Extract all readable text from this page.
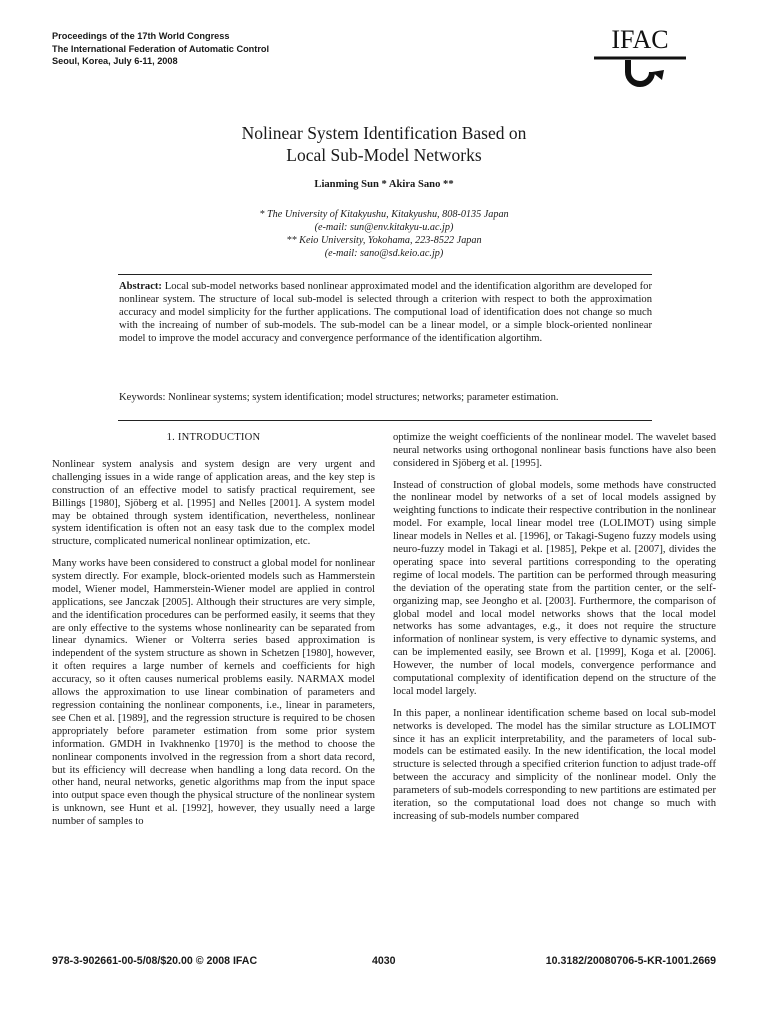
Proceedings of the 17th World Congress
The International Federation of Automatic Control
Seoul, Korea, July 6-11, 2008
IFAC
Nolinear System Identification Based on
Local Sub-Model Networks
Lianming Sun * Akira Sano **
* The University of Kitakyushu, Kitakyushu, 808-0135 Japan
(e-mail: sun@env.kitakyu-u.ac.jp)
** Keio University, Yokohama, 223-8522 Japan
(e-mail: sano@sd.keio.ac.jp)
Abstract: Local sub-model networks based nonlinear approximated model and the identification algorithm are developed for nonlinear system. The structure of local sub-model is selected through a criterion with respect to both the approximation accuracy and model simplicity for the further applications. The computional load of identification does not change so much with the increaing of number of sub-models. The sub-model can be a linear model, or a simple block-oriented nonlinear model to improve the model accuracy and convergence performance of the identification algortihm.
Keywords: Nonlinear systems; system identification; model structures; networks; parameter estimation.
1. INTRODUCTION

Nonlinear system analysis and system design are very urgent and challenging issues in a wide range of application areas, and the key step is construction of an effective model to satisfy practical requirement, see Billings [1980], Sjöberg et al. [1995] and Nelles [2001]. A system model may be obtained through system identification, nevertheless, nonlinear system identification is often not an easy task due to the complex model structure, complicated numerical nonlinear optimization, etc.

Many works have been considered to construct a global model for nonlinear system directly. For example, block-oriented models such as Hammerstein model, Wiener model, Hammerstein-Wiener model are applied in control applications, see Janczak [2005]. Although their structures are very simple, and the identification procedures can be performed easily, it seems that they are only effective to the systems whose nonlinearity can be separated from linear dynamics. Wiener or Volterra series based approximation is independent of the system structure as shown in Schetzen [1980], however, it often requires a large number of kernels and coefficients for high accuracy, so it often causes numerical problems easily. NARMAX model allows the approximation to use linear combination of parameters and regression containing the nonlinear components, i.e., linear in parameters, see Chen et al. [1989], and the regression structure is required to be chosen appropriately before parameter estimation from some prior system information. GMDH in Ivakhnenko [1970] is the method to choose the nonlinear components involved in the regression from a short data record, but its efficiency will decrease when handling a long data record. On the other hand, neural networks, genetic algorithms map from the input space into output space even though the physical structure of the nonlinear system is unknown, see Hunt et al. [1992], however, they usually need a large number of samples to

optimize the weight coefficients of the nonlinear model. The wavelet based neural networks using orthogonal nonlinear basis functions have also been considered in Sjöberg et al. [1995].

Instead of construction of global models, some methods have constructed the nonlinear model by networks of a set of local models assigned by weighting functions to indicate their respective contribution in the nonlinear model. For example, local linear model tree (LOLIMOT) using simple linear models in Nelles et al. [1996], or Takagi-Sugeno fuzzy models using neuro-fuzzy model in Takagi et al. [1985], Pekpe et al. [2007], divides the operating space into several partitions corresponding to the operating regime of local models. The partition can be performed through measuring the deviation of the operating state from the partition center, or the self-organizing map, see Jeongho et al. [2003]. Furthermore, the comparison of global model and local model networks shows that the local model networks has some advantages, e.g., it does not require the structure information of nonlinear system, is very effective to dynamic systems, and can be implemented easily, see Brown et al. [1999], Koga et al. [2006]. However, the number of local models, convergence performance and computational complexity of identification depend on the structure of the local model largely.

In this paper, a nonlinear identification scheme based on local sub-model networks is developed. The model has the similar structure as LOLIMOT since it has an explicit interpretability, and the parameters of local sub-models can be estimated easily. In the new identification, the local model structure is selected through a specified criterion function to adjust trade-off between the accuracy and simplicity of the nonlinear model. Only the parameters of sub-models corresponding to new partitions are estimated per iteration, so the computational load does not change so much with increasing of sub-models number compared

978-3-902661-00-5/08/$20.00 © 2008 IFAC	4030	10.3182/20080706-5-KR-1001.2669
